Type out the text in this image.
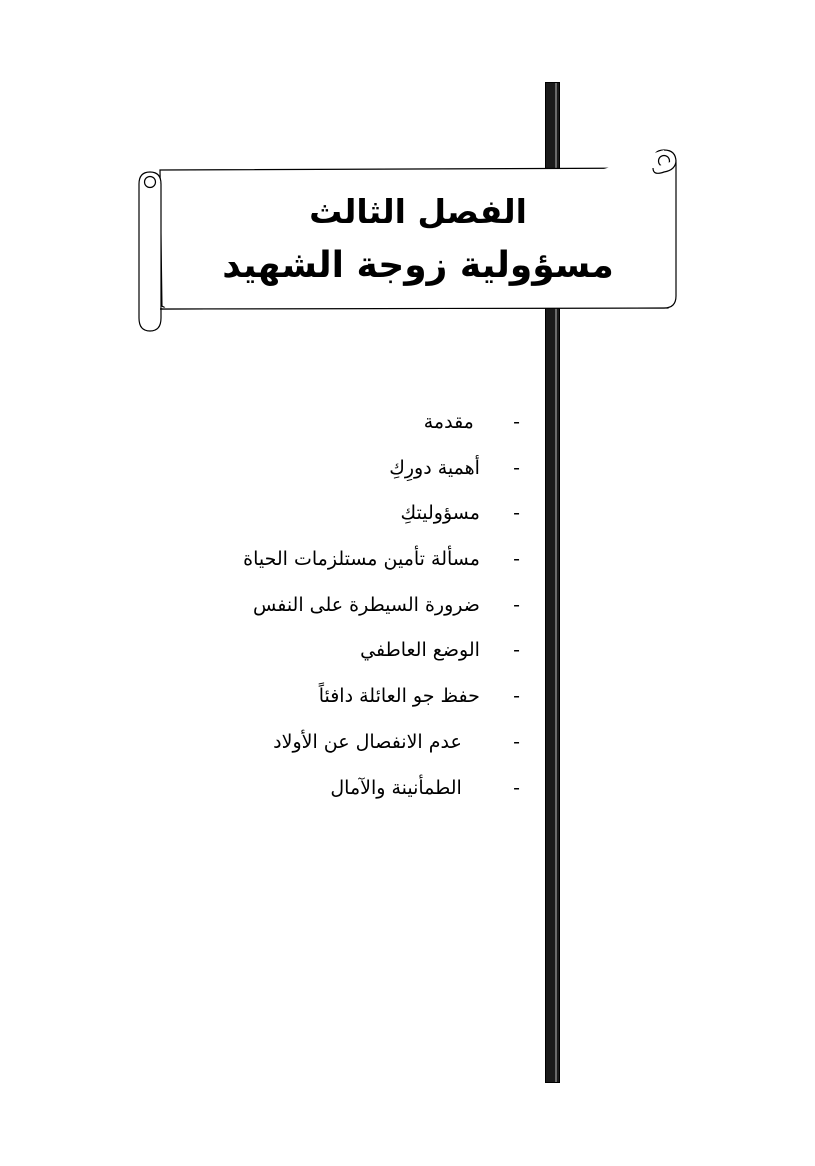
الفصل الثالث
مسؤولية زوجة الشهيد
-   مقدمة
-  أهمية دورِكِ
-  مسؤوليتكِ
-  مسألة تأمين مستلزمات الحياة
-  ضرورة السيطرة على النفس
-  الوضع العاطفي
-  حفظ جو العائلة دافئاً
-    عدم الانفصال عن الأولاد
-    الطمأنينة والآمال
